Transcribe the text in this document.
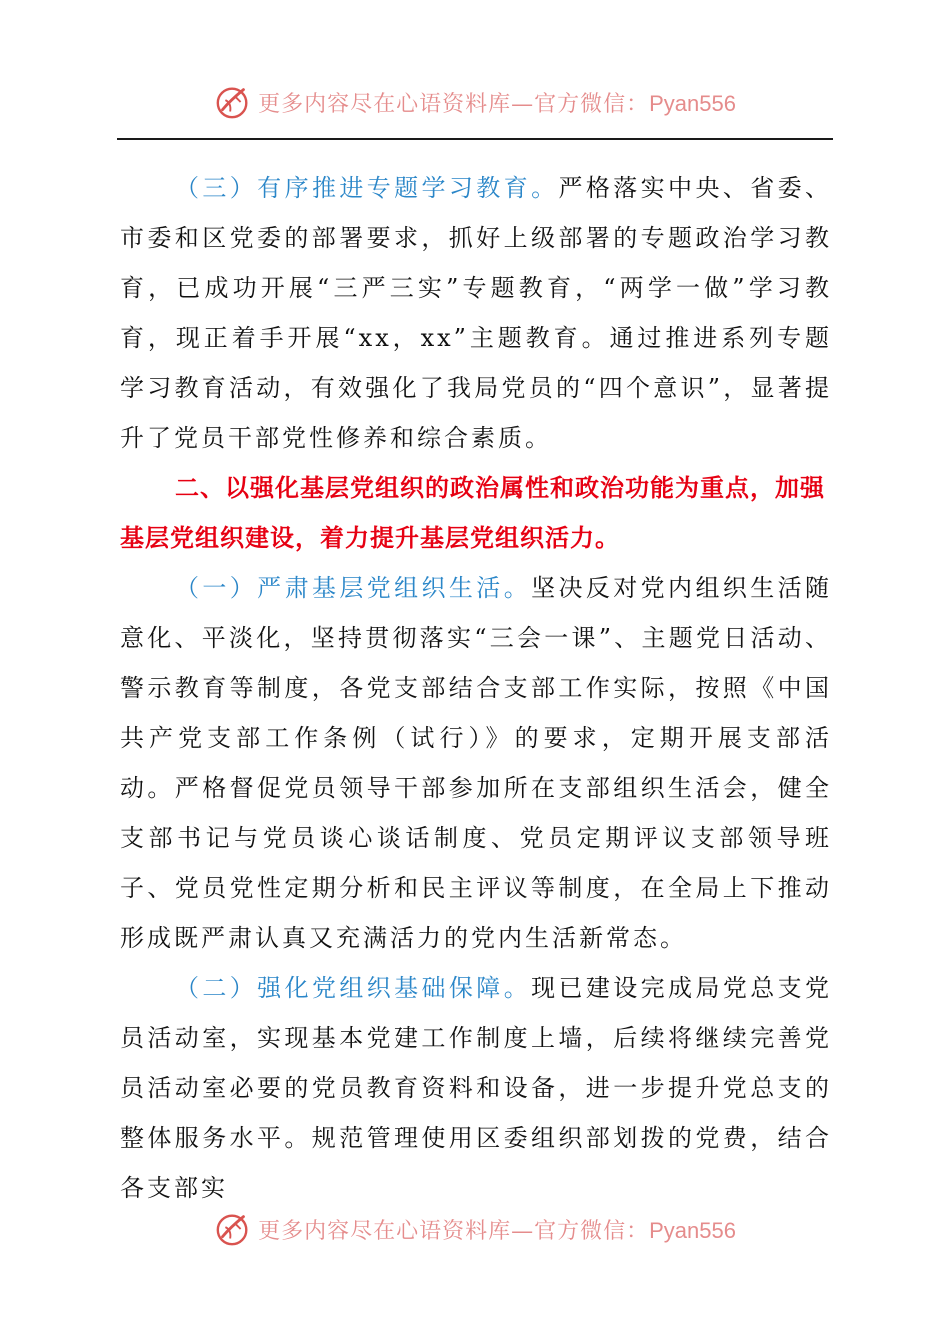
更多内容尽在心语资料库—官方微信：Pyan556

（三）有序推进专题学习教育。严格落实中央、省委、市委和区党委的部署要求，抓好上级部署的专题政治学习教育，已成功开展“三严三实”专题教育，“两学一做”学习教育，现正着手开展“xx，xx”主题教育。通过推进系列专题学习教育活动，有效强化了我局党员的“四个意识”，显著提升了党员干部党性修养和综合素质。

二、以强化基层党组织的政治属性和政治功能为重点，加强基层党组织建设，着力提升基层党组织活力。

（一）严肃基层党组织生活。坚决反对党内组织生活随意化、平淡化，坚持贯彻落实“三会一课”、主题党日活动、警示教育等制度，各党支部结合支部工作实际，按照《中国共产党支部工作条例（试行）》的要求，定期开展支部活动。严格督促党员领导干部参加所在支部组织生活会，健全支部书记与党员谈心谈话制度、党员定期评议支部领导班子、党员党性定期分析和民主评议等制度，在全局上下推动形成既严肃认真又充满活力的党内生活新常态。

（二）强化党组织基础保障。现已建设完成局党总支党员活动室，实现基本党建工作制度上墙，后续将继续完善党员活动室必要的党员教育资料和设备，进一步提升党总支的整体服务水平。规范管理使用区委组织部划拨的党费，结合各支部实

更多内容尽在心语资料库—官方微信：Pyan556
